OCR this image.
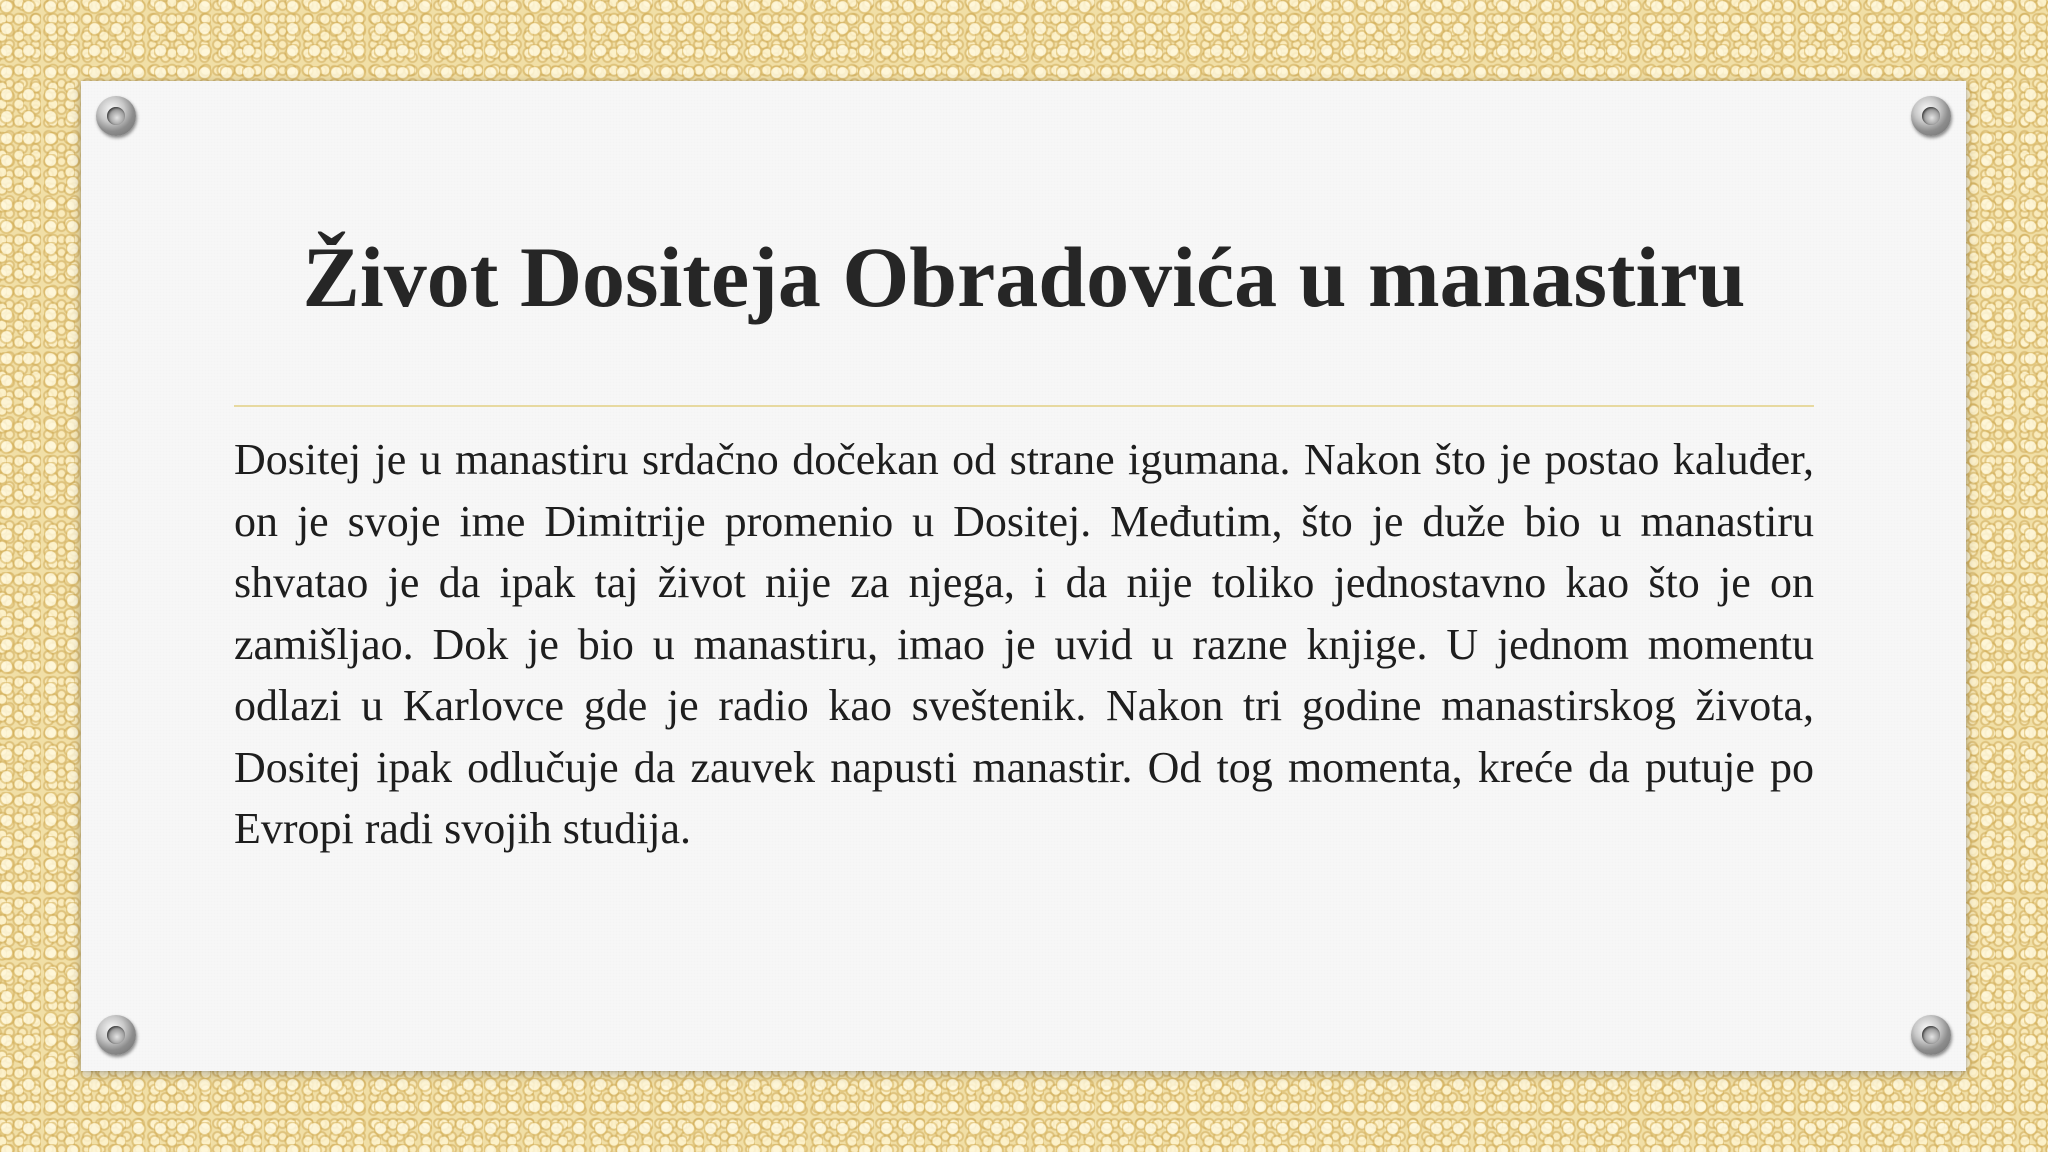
Život Dositeja Obradovića u manastiru

Dositej je u manastiru srdačno dočekan od strane igumana. Nakon što je postao kaluđer, on je svoje ime Dimitrije promenio u Dositej. Međutim, što je duže bio u manastiru shvatao je da ipak taj život nije za njega, i da nije toliko jednostavno kao što je on zamišljao. Dok je bio u manastiru, imao je uvid u razne knjige. U jednom momentu odlazi u Karlovce gde je radio kao sveštenik. Nakon tri godine manastirskog života, Dositej ipak odlučuje da zauvek napusti manastir. Od tog momenta, kreće da putuje po Evropi radi svojih studija.
